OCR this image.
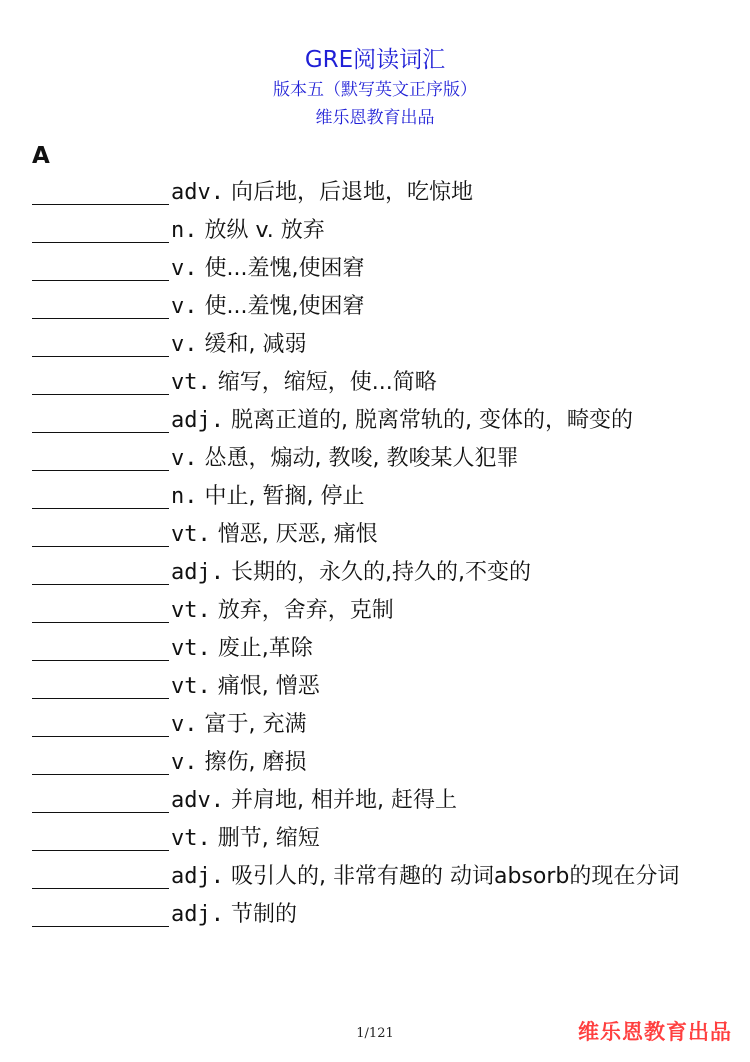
GRE阅读词汇
版本五（默写英文正序版）
维乐恩教育出品
A
adv. 向后地，后退地，吃惊地
n. 放纵 v. 放弃
v. 使...羞愧,使困窘
v. 使...羞愧,使困窘
v. 缓和, 减弱
vt. 缩写，缩短，使...简略
adj. 脱离正道的, 脱离常轨的, 变体的，畸变的
v. 怂恿，煽动, 教唆, 教唆某人犯罪
n. 中止, 暂搁, 停止
vt. 憎恶, 厌恶, 痛恨
adj. 长期的，永久的,持久的,不变的
vt. 放弃，舍弃，克制
vt. 废止,革除
vt. 痛恨, 憎恶
v. 富于, 充满
v. 擦伤, 磨损
adv. 并肩地, 相并地, 赶得上
vt. 删节, 缩短
adj. 吸引人的, 非常有趣的 动词absorb的现在分词
adj. 节制的
1/121	维乐恩教育出品
